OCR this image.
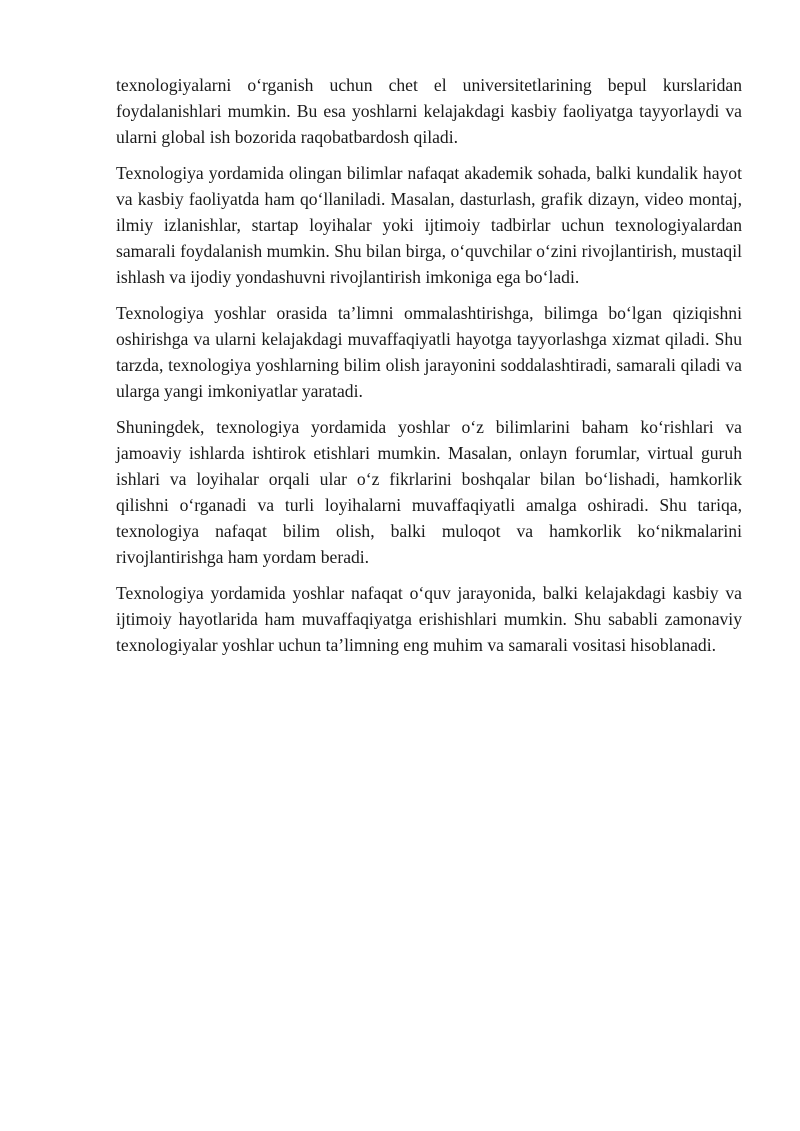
texnologiyalarni o‘rganish uchun chet el universitetlarining bepul kurslaridan foydalanishlari mumkin. Bu esa yoshlarni kelajakdagi kasbiy faoliyatga tayyorlaydi va ularni global ish bozorida raqobatbardosh qiladi.

Texnologiya yordamida olingan bilimlar nafaqat akademik sohada, balki kundalik hayot va kasbiy faoliyatda ham qo‘llaniladi. Masalan, dasturlash, grafik dizayn, video montaj, ilmiy izlanishlar, startap loyihalar yoki ijtimoiy tadbirlar uchun texnologiyalardan samarali foydalanish mumkin. Shu bilan birga, o‘quvchilar o‘zini rivojlantirish, mustaqil ishlash va ijodiy yondashuvni rivojlantirish imkoniga ega bo‘ladi.

Texnologiya yoshlar orasida ta’limni ommalashtirishga, bilimga bo‘lgan qiziqishni oshirishga va ularni kelajakdagi muvaffaqiyatli hayotga tayyorlashga xizmat qiladi. Shu tarzda, texnologiya yoshlarning bilim olish jarayonini soddalashtiradi, samarali qiladi va ularga yangi imkoniyatlar yaratadi.

Shuningdek, texnologiya yordamida yoshlar o‘z bilimlarini baham ko‘rishlari va jamoaviy ishlarda ishtirok etishlari mumkin. Masalan, onlayn forumlar, virtual guruh ishlari va loyihalar orqali ular o‘z fikrlarini boshqalar bilan bo‘lishadi, hamkorlik qilishni o‘rganadi va turli loyihalarni muvaffaqiyatli amalga oshiradi. Shu tariqa, texnologiya nafaqat bilim olish, balki muloqot va hamkorlik ko‘nikmalarini rivojlantirishga ham yordam beradi.

Texnologiya yordamida yoshlar nafaqat o‘quv jarayonida, balki kelajakdagi kasbiy va ijtimoiy hayotlarida ham muvaffaqiyatga erishishlari mumkin. Shu sababli zamonaviy texnologiyalar yoshlar uchun ta’limning eng muhim va samarali vositasi hisoblanadi.
